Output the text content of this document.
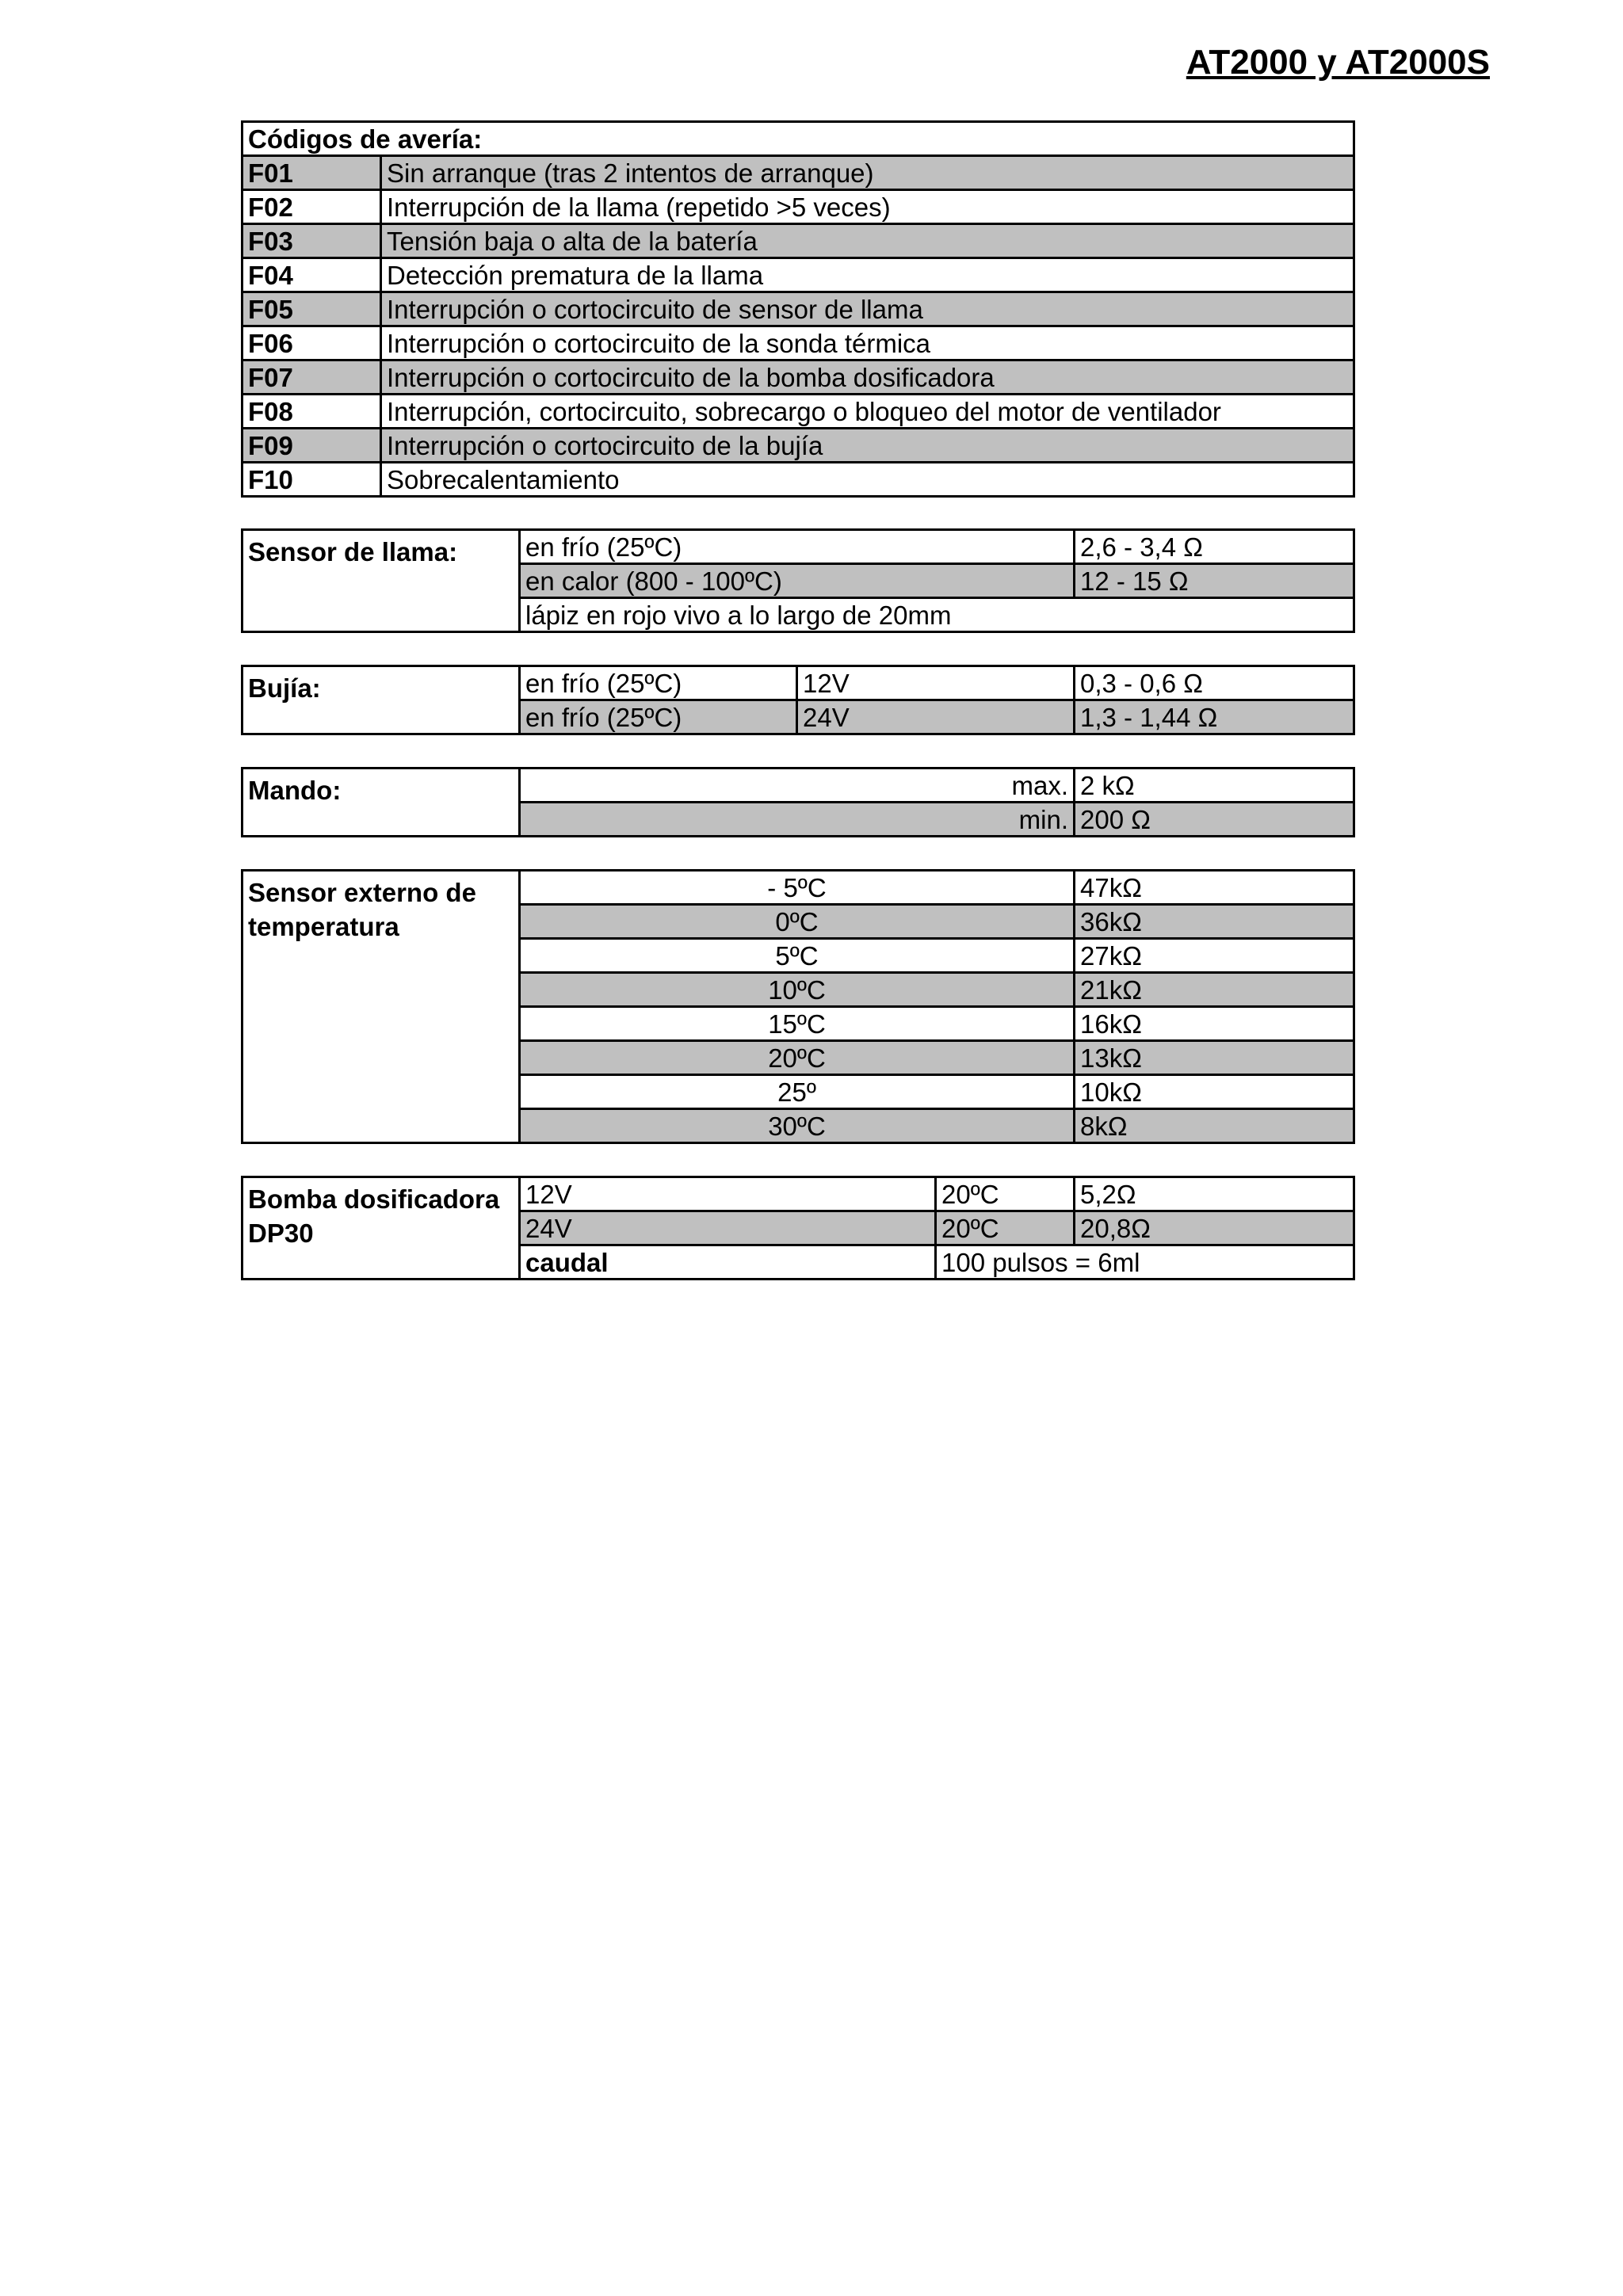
AT2000 y AT2000S
Códigos de avería:	
F01	Sin arranque (tras 2 intentos de arranque)
F02	Interrupción de la llama (repetido >5 veces)
F03	Tensión baja o alta de la batería
F04	Detección prematura de la llama
F05	Interrupción o cortocircuito de sensor de llama
F06	Interrupción o cortocircuito de la sonda térmica
F07	Interrupción o cortocircuito de la bomba dosificadora
F08	Interrupción, cortocircuito, sobrecargo o bloqueo del motor de ventilador
F09	Interrupción o cortocircuito de la bujía
F10	Sobrecalentamiento
Sensor de llama:	en frío (25ºC)	2,6 - 3,4 Ω
	en calor (800 - 100ºC)	12 - 15 Ω
	lápiz en rojo vivo a lo largo de 20mm	
Bujía:	en frío (25ºC)	12V	0,3 - 0,6 Ω
	en frío (25ºC)	24V	1,3 - 1,44 Ω
Mando:	max.	2 kΩ
	min.	200 Ω
Sensor externo de temperatura	- 5ºC	47kΩ
	0ºC	36kΩ
	5ºC	27kΩ
	10ºC	21kΩ
	15ºC	16kΩ
	20ºC	13kΩ
	25º	10kΩ
	30ºC	8kΩ
Bomba dosificadora DP30	12V	20ºC	5,2Ω
	24V	20ºC	20,8Ω
	caudal	100 pulsos = 6ml	
